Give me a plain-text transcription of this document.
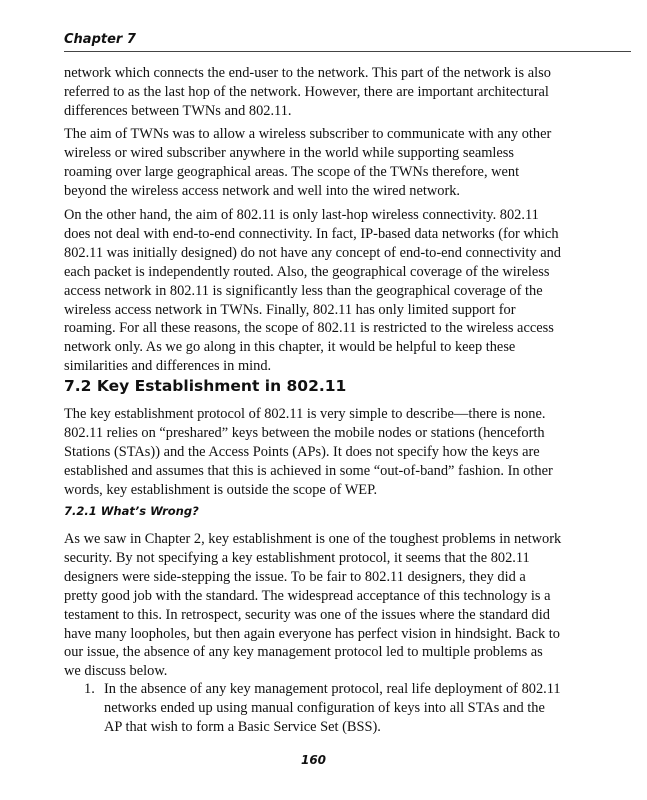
Chapter 7

network which connects the end-user to the network. This part of the network is also referred to as the last hop of the network. However, there are important architectural differences between TWNs and 802.11.

The aim of TWNs was to allow a wireless subscriber to communicate with any other wireless or wired subscriber anywhere in the world while supporting seamless roaming over large geographical areas. The scope of the TWNs therefore, went beyond the wireless access network and well into the wired network.

On the other hand, the aim of 802.11 is only last-hop wireless connectivity. 802.11 does not deal with end-to-end connectivity. In fact, IP-based data networks (for which 802.11 was initially designed) do not have any concept of end-to-end connectivity and each packet is independently routed. Also, the geographical coverage of the wireless access network in 802.11 is significantly less than the geographical coverage of the wireless access network in TWNs. Finally, 802.11 has only limited support for roaming. For all these reasons, the scope of 802.11 is restricted to the wireless access network only. As we go along in this chapter, it would be helpful to keep these similarities and differences in mind.

7.2 Key Establishment in 802.11

The key establishment protocol of 802.11 is very simple to describe—there is none. 802.11 relies on “preshared” keys between the mobile nodes or stations (henceforth Stations (STAs)) and the Access Points (APs). It does not specify how the keys are established and assumes that this is achieved in some “out-of-band” fashion. In other words, key establishment is outside the scope of WEP.

7.2.1 What’s Wrong?

As we saw in Chapter 2, key establishment is one of the toughest problems in network security. By not specifying a key establishment protocol, it seems that the 802.11 designers were side-stepping the issue. To be fair to 802.11 designers, they did a pretty good job with the standard. The widespread acceptance of this technology is a testament to this. In retrospect, security was one of the issues where the standard did have many loopholes, but then again everyone has perfect vision in hindsight. Back to our issue, the absence of any key management protocol led to multiple problems as we discuss below.

1. In the absence of any key management protocol, real life deployment of 802.11 networks ended up using manual configuration of keys into all STAs and the AP that wish to form a Basic Service Set (BSS).

160
